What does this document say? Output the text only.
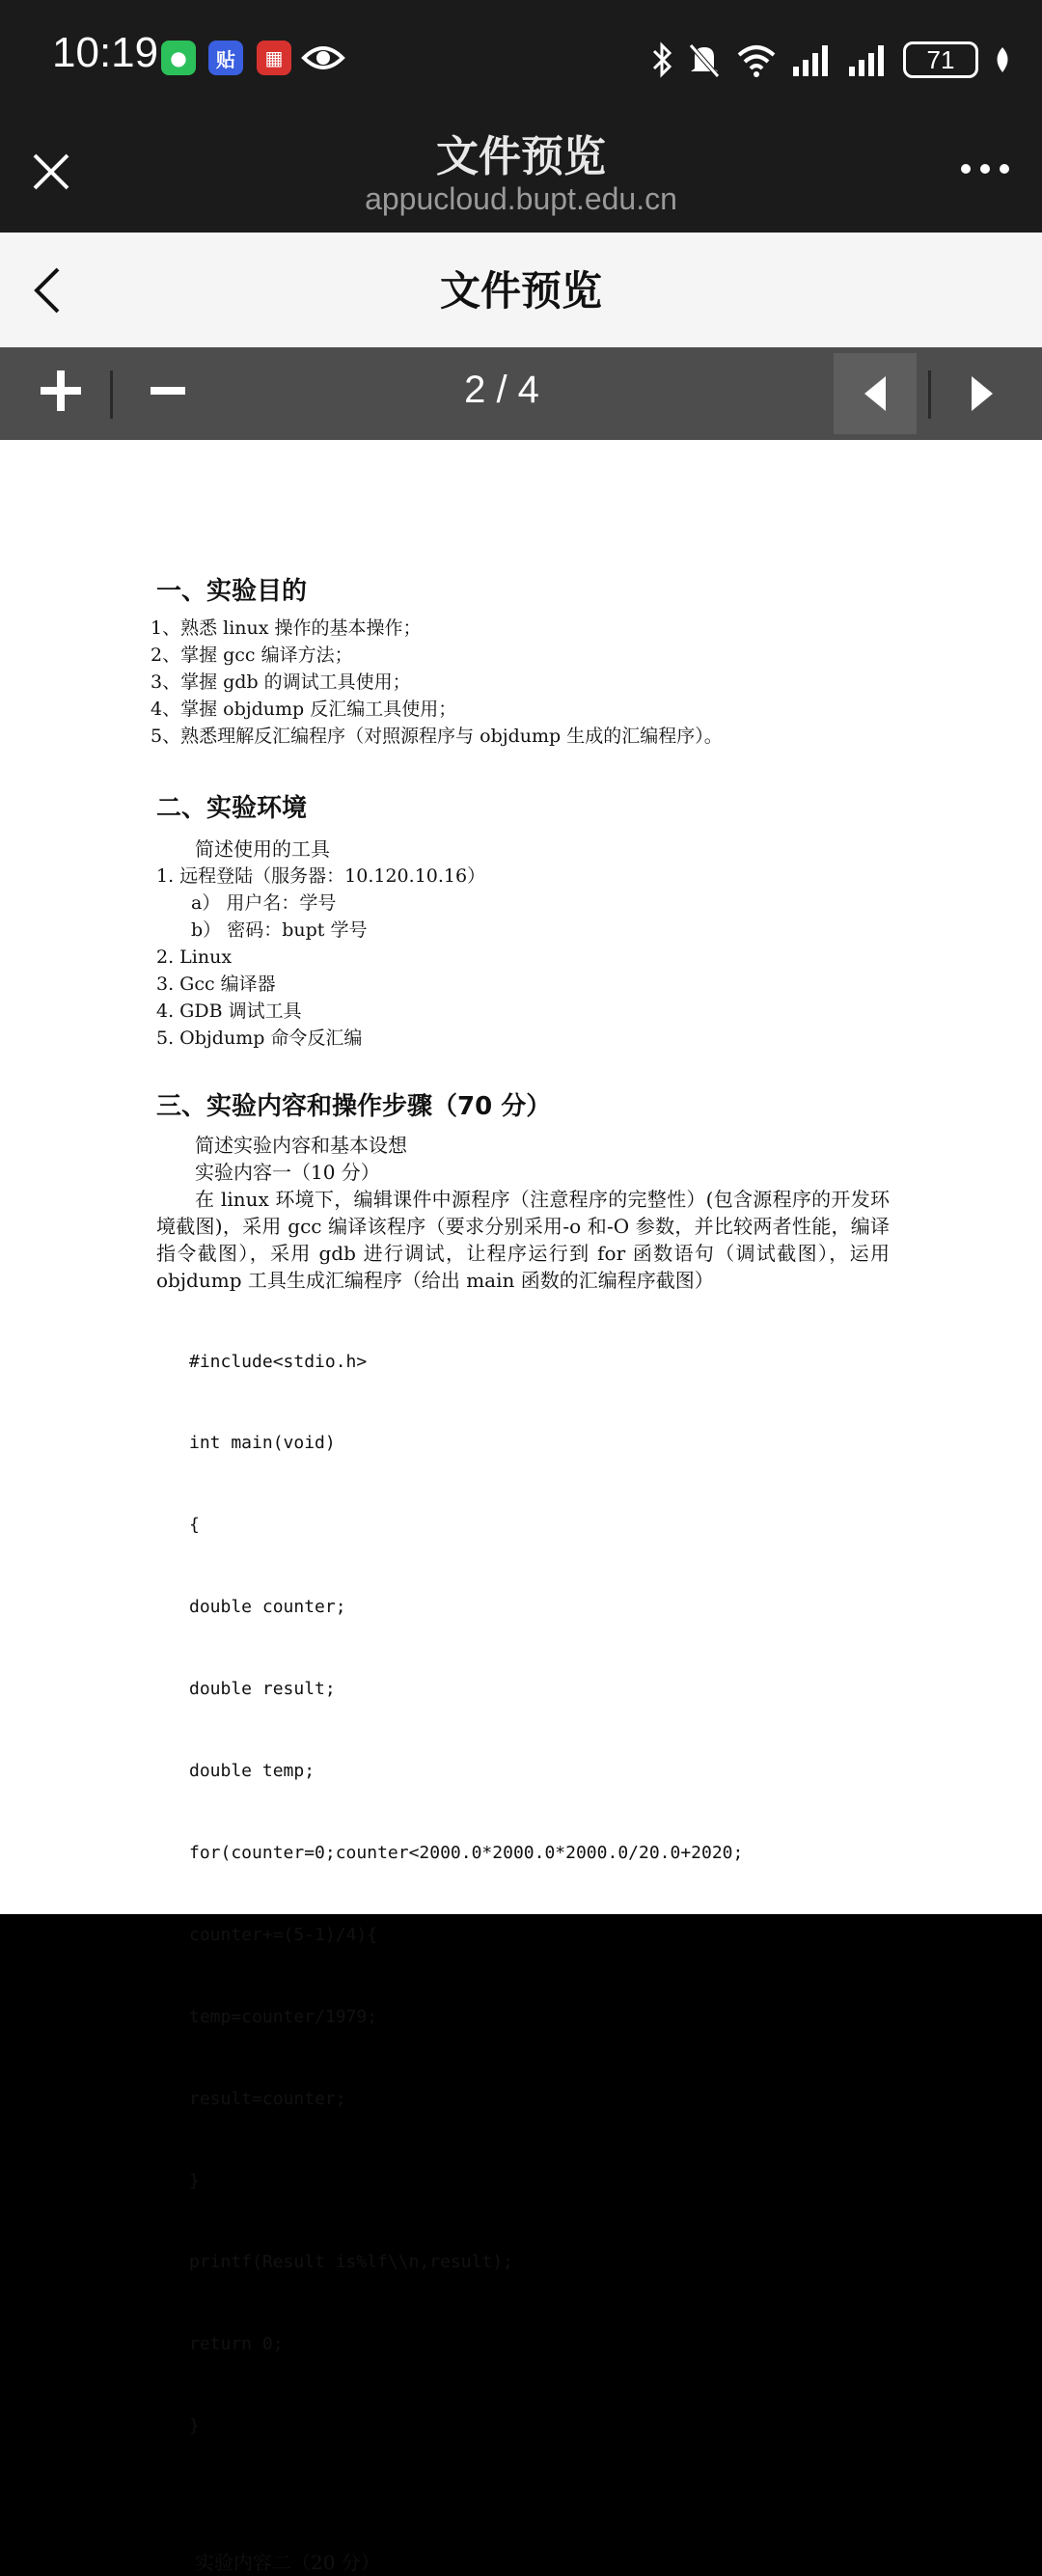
10:19 ●	贴	▦	71
文件预览
appucloud.bupt.edu.cn
文件预览
2 / 4
一、实验目的
1、熟悉 linux 操作的基本操作；
2、掌握 gcc 编译方法；
3、掌握 gdb 的调试工具使用；
4、掌握 objdump 反汇编工具使用；
5、熟悉理解反汇编程序（对照源程序与 objdump 生成的汇编程序）。
二、实验环境
简述使用的工具
1. 远程登陆（服务器：10.120.10.16）
a） 用户名：学号
b） 密码：bupt 学号
2. Linux
3. Gcc 编译器
4. GDB 调试工具
5. Objdump 命令反汇编
三、实验内容和操作步骤（70 分）
简述实验内容和基本设想
实验内容一（10 分）
在 linux 环境下，编辑课件中源程序（注意程序的完整性）(包含源程序的开发环境截图)，采用 gcc 编译该程序（要求分别采用-o 和-O 参数，并比较两者性能，编译指令截图），采用 gdb 进行调试，让程序运行到 for 函数语句（调试截图），运用 objdump 工具生成汇编程序（给出 main 函数的汇编程序截图）

#include<stdio.h>

int main(void)

{

double counter;

double result;

double temp;

for(counter=0;counter<2000.0*2000.0*2000.0/20.0+2020;

counter+=(5-1)/4){

temp=counter/1979;

result=counter;

}

printf(Result is%lf\\n,result);

return 0;

}

实验内容二（20 分）
